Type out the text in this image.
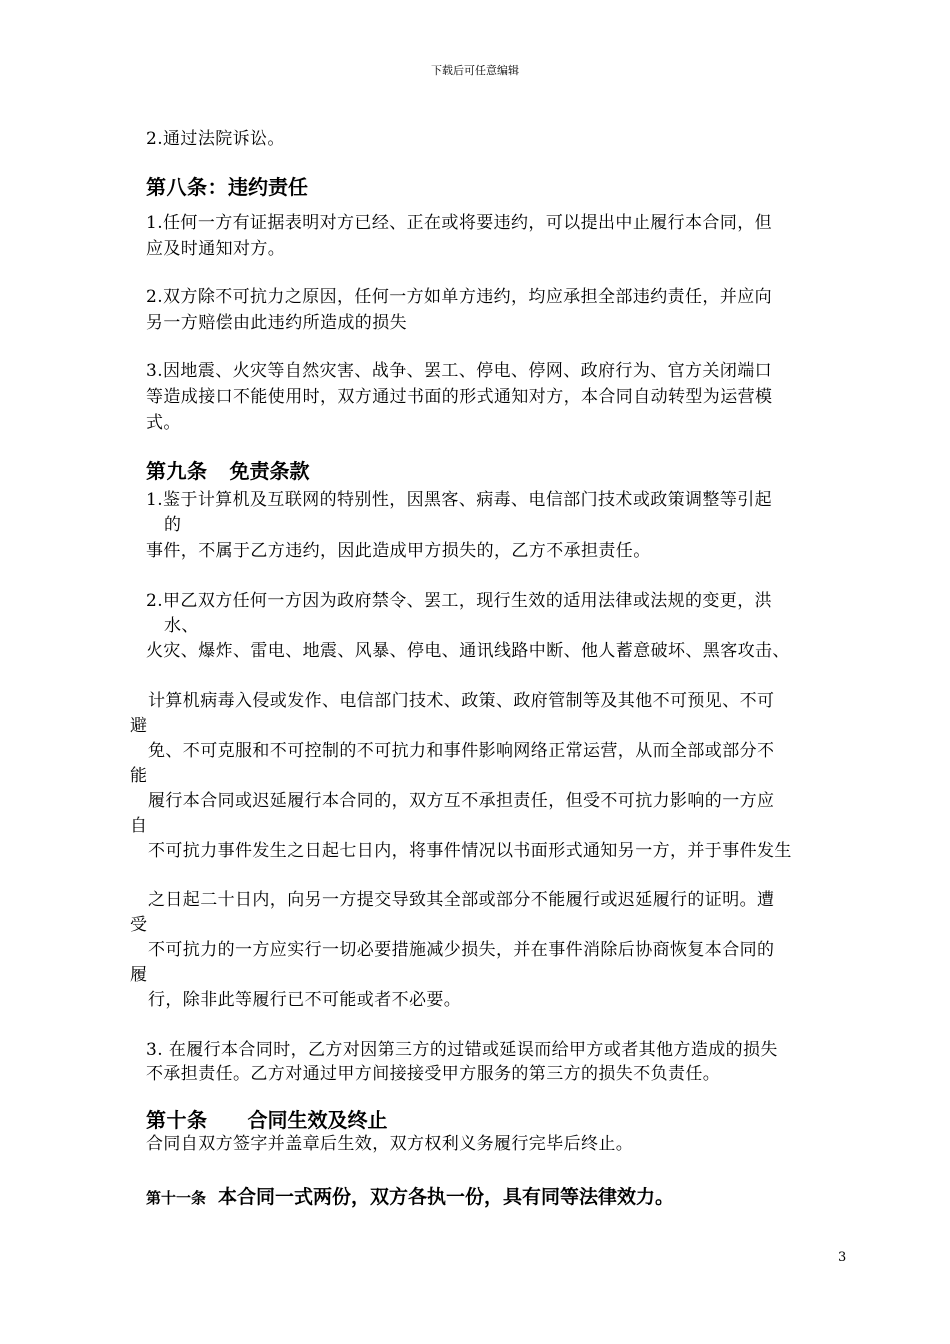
下载后可任意编辑
2.通过法院诉讼。
第八条：违约责任
1.任何一方有证据表明对方已经、正在或将要违约，可以提出中止履行本合同，但
应及时通知对方。
2.双方除不可抗力之原因，任何一方如单方违约，均应承担全部违约责任，并应向
另一方赔偿由此违约所造成的损失
3.因地震、火灾等自然灾害、战争、罢工、停电、停网、政府行为、官方关闭端口
等造成接口不能使用时，双方通过书面的形式通知对方，本合同自动转型为运营模
式。
第九条 免责条款
1.鉴于计算机及互联网的特别性，因黑客、病毒、电信部门技术或政策调整等引起
的
事件，不属于乙方违约，因此造成甲方损失的，乙方不承担责任。
2.甲乙双方任何一方因为政府禁令、罢工，现行生效的适用法律或法规的变更，洪
水、
火灾、爆炸、雷电、地震、风暴、停电、通讯线路中断、他人蓄意破坏、黑客攻击、
计算机病毒入侵或发作、电信部门技术、政策、政府管制等及其他不可预见、不可
避
免、不可克服和不可控制的不可抗力和事件影响网络正常运营，从而全部或部分不
能
履行本合同或迟延履行本合同的，双方互不承担责任，但受不可抗力影响的一方应
自
不可抗力事件发生之日起七日内，将事件情况以书面形式通知另一方，并于事件发生
之日起二十日内，向另一方提交导致其全部或部分不能履行或迟延履行的证明。遭
受
不可抗力的一方应实行一切必要措施减少损失，并在事件消除后协商恢复本合同的
履
行，除非此等履行已不可能或者不必要。
3. 在履行本合同时，乙方对因第三方的过错或延误而给甲方或者其他方造成的损失
不承担责任。乙方对通过甲方间接接受甲方服务的第三方的损失不负责任。
第十条 合同生效及终止
合同自双方签字并盖章后生效，双方权利义务履行完毕后终止。
第十一条 本合同一式两份，双方各执一份，具有同等法律效力。
3
